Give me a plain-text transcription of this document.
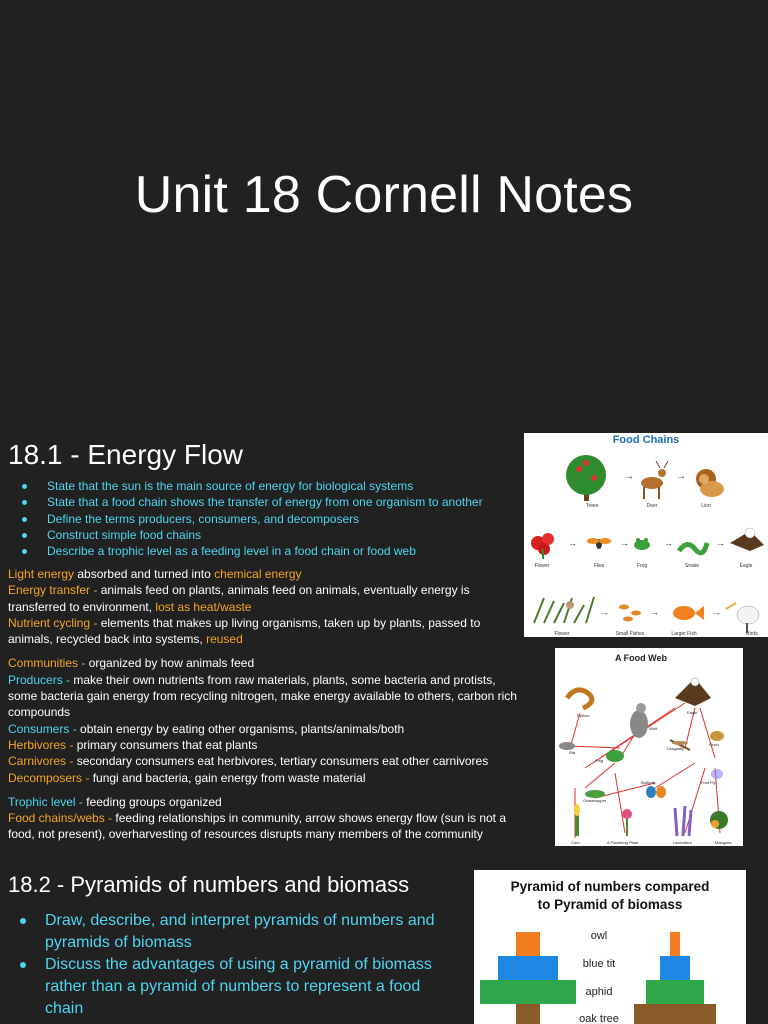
Unit 18 Cornell Notes
18.1 - Energy Flow
State that the sun is the main source of energy for biological systems
State that a food chain shows the transfer of energy from one organism to another
Define the terms producers, consumers, and decomposers
Construct simple food chains
Describe a trophic level as a feeding level in a food chain or food web

Light energy absorbed and turned into chemical energy

Energy transfer - animals feed on plants, animals feed on animals, eventually energy is transferred to environment, lost as heat/waste

Nutrient cycling - elements that makes up living organisms, taken up by plants, passed to animals, recycled back into systems, reused

Communities - organized by how animals feed

Producers - make their own nutrients from raw materials, plants, some bacteria and protists, some bacteria gain energy from recycling nitrogen, make energy available to others, carbon rich compounds

Consumers - obtain energy by eating other organisms, plants/animals/both

Herbivores - primary consumers that eat plants

Carnivores - secondary consumers eat herbivores, tertiary consumers eat other carnivores

Decomposers - fungi and bacteria, gain energy from waste material

Trophic level - feeding groups organized

Food chains/webs - feeding relationships in community, arrow shows energy flow (sun is not a food, not present), overharvesting of resources disrupts many members of the community

Food Chains
→	→
Trees	Deer	Lion
→	→	→	→
Flower	Flies	Frog	Snake	Eagle
→	→	→
Flower	Small Fishes	Larger Fish	Birds
A Food Web
Python
Eagle
Wolf
Rat
Frog
Dragonfly
Finch
Butterfly
Grasshopper
Fruit Fly
Corn	A Flowering Plant	Lavenders	Mangoes
18.2 - Pyramids of numbers and biomass
Draw, describe, and interpret pyramids of numbers and pyramids of biomass
Discuss the advantages of using a pyramid of biomass rather than a pyramid of numbers to represent a food chain
Pyramid of numbers compared
to Pyramid of biomass
owl
blue tit
aphid
oak tree
